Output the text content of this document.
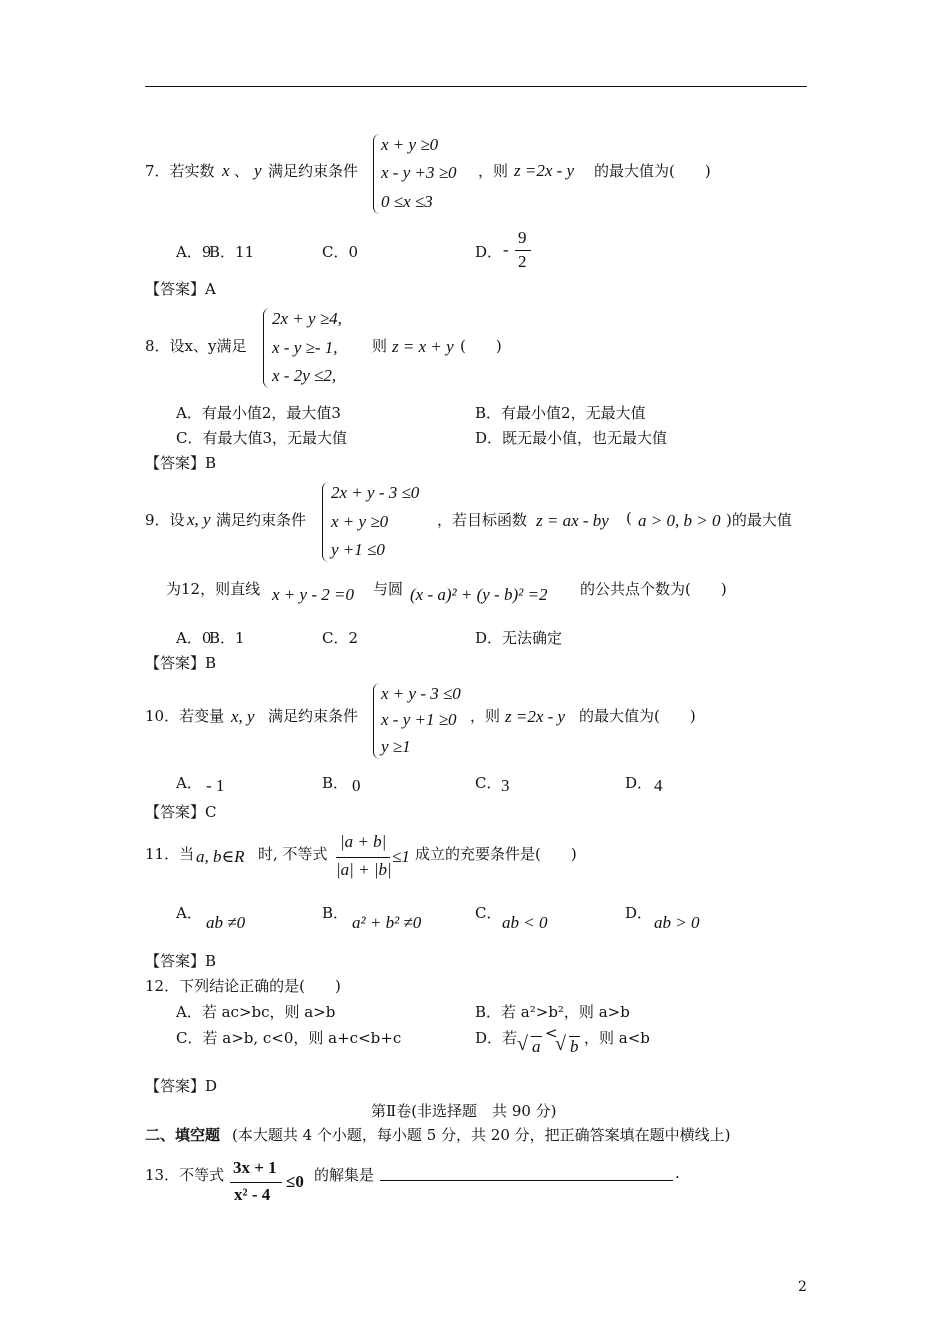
7．若实数 x 、 y 满足约束条件
x + y ≥0
x - y +3 ≥0
0 ≤x ≤3
，则 z =2x - y 的最大值为(　　)
A．9
B．11	C．0	D． -
9
2
【答案】A
8．设x、y满足
2x + y ≥4,
x - y ≥- 1,
x - 2y ≤2,
则 z = x + y (　　)
A．有最小值2，最大值3	B．有最小值2，无最大值
C．有最大值3，无最大值	D．既无最小值，也无最大值
【答案】B
9．设 x, y 满足约束条件
2x + y - 3 ≤0
x + y ≥0
y +1 ≤0
，若目标函数 z = ax - by ( a > 0, b > 0 )的最大值
为12，则直线 x + y - 2 =0 与圆 (x - a)² + (y - b)² =2 的公共点个数为(　　)
A．0
B．1	C．2	D．无法确定
【答案】B
10．若变量 x, y 满足约束条件
x + y - 3 ≤0
x - y +1 ≥0
y ≥1
，则 z =2x - y 的最大值为(　　)
A． - 1	B． 0	C． 3	D． 4
【答案】C
11．当 a, b∈R 时, 不等式
|a + b|
|a| + |b|
≤1 成立的充要条件是(　　)
A． ab ≠0	B． a² + b² ≠0	C． ab < 0	D． ab > 0
【答案】B
12．下列结论正确的是(　　)
A．若 ac>bc，则 a>b	B．若 a²>b²，则 a>b
C．若 a>b, c<0，则 a+c<b+c	D．若 √ a
<
√ b ，则 a<b
【答案】D
第Ⅱ卷(非选择题　共 90 分)
二、填空题 (本大题共 4 个小题，每小题 5 分，共 20 分，把正确答案填在题中横线上)
13．不等式 3x + 1
x² - 4
≤0 的解集是	.
2
